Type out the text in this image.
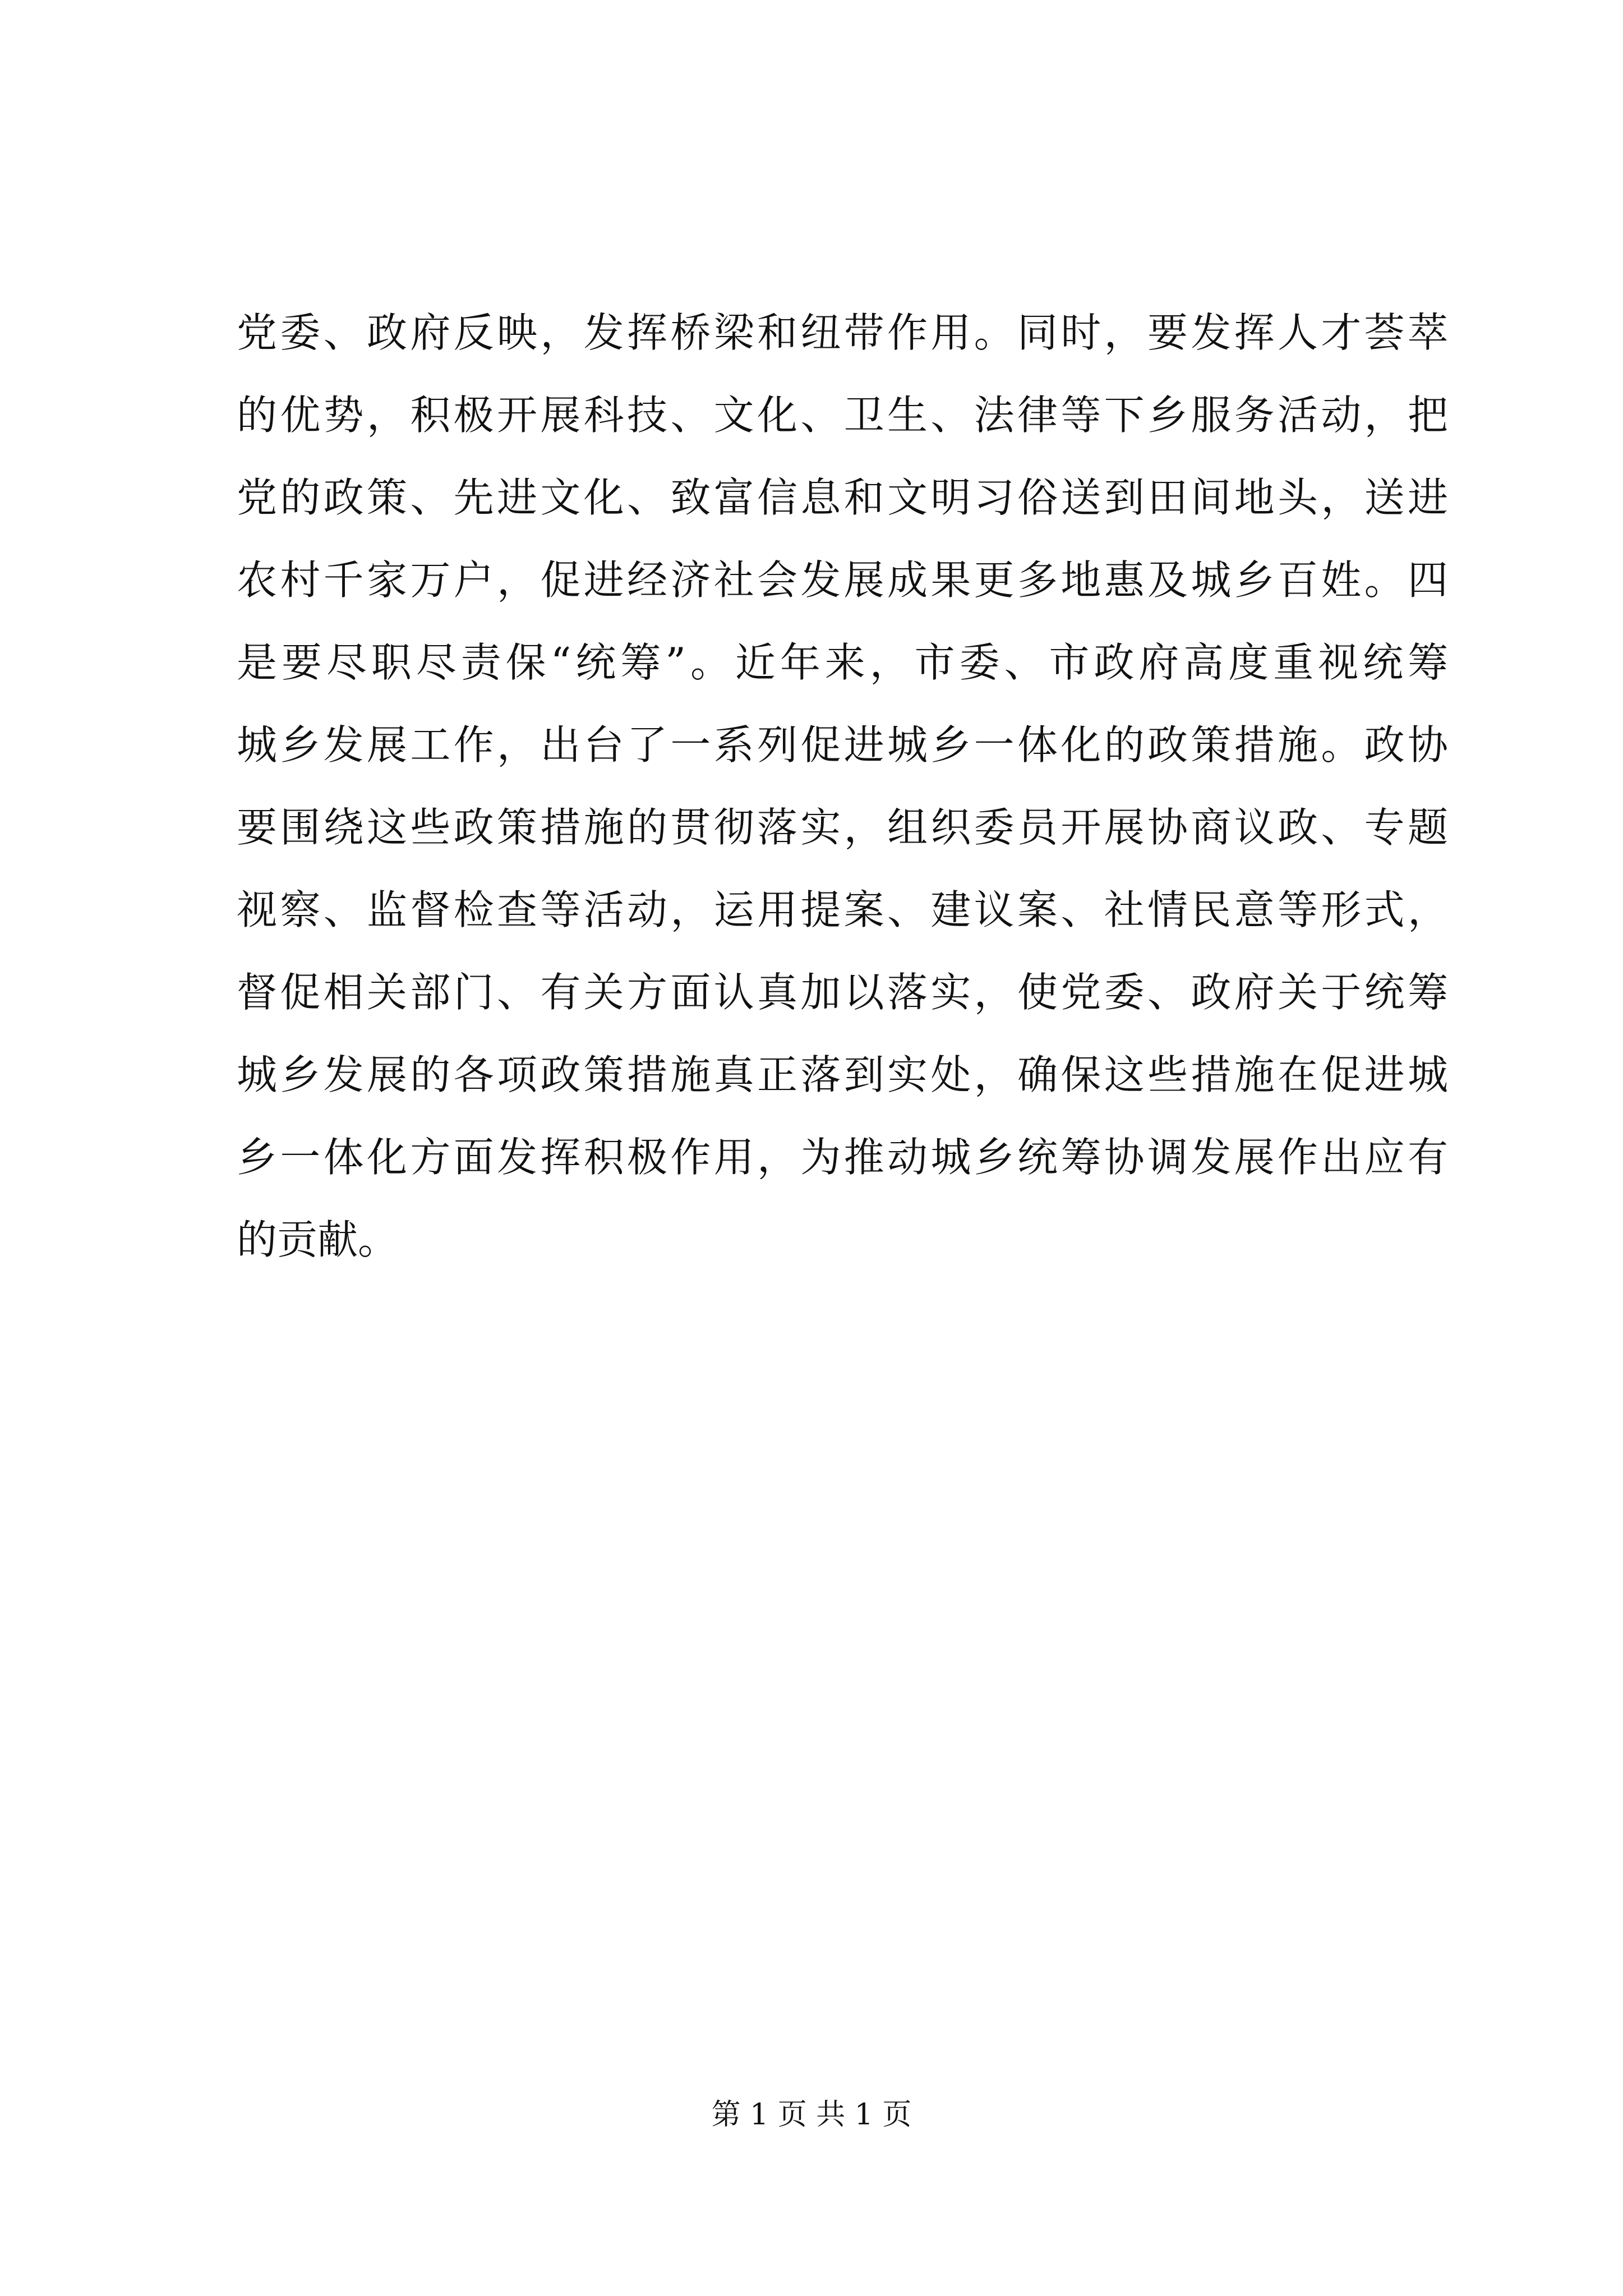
党委、政府反映，发挥桥梁和纽带作用。同时，要发挥人才荟萃
的优势，积极开展科技、文化、卫生、法律等下乡服务活动，把
党的政策、先进文化、致富信息和文明习俗送到田间地头，送进
农村千家万户，促进经济社会发展成果更多地惠及城乡百姓。四
是要尽职尽责保“统筹”。近年来，市委、市政府高度重视统筹
城乡发展工作，出台了一系列促进城乡一体化的政策措施。政协
要围绕这些政策措施的贯彻落实，组织委员开展协商议政、专题
视察、监督检查等活动，运用提案、建议案、社情民意等形式，
督促相关部门、有关方面认真加以落实，使党委、政府关于统筹
城乡发展的各项政策措施真正落到实处，确保这些措施在促进城
乡一体化方面发挥积极作用，为推动城乡统筹协调发展作出应有
的贡献。
第 1 页 共 1 页
